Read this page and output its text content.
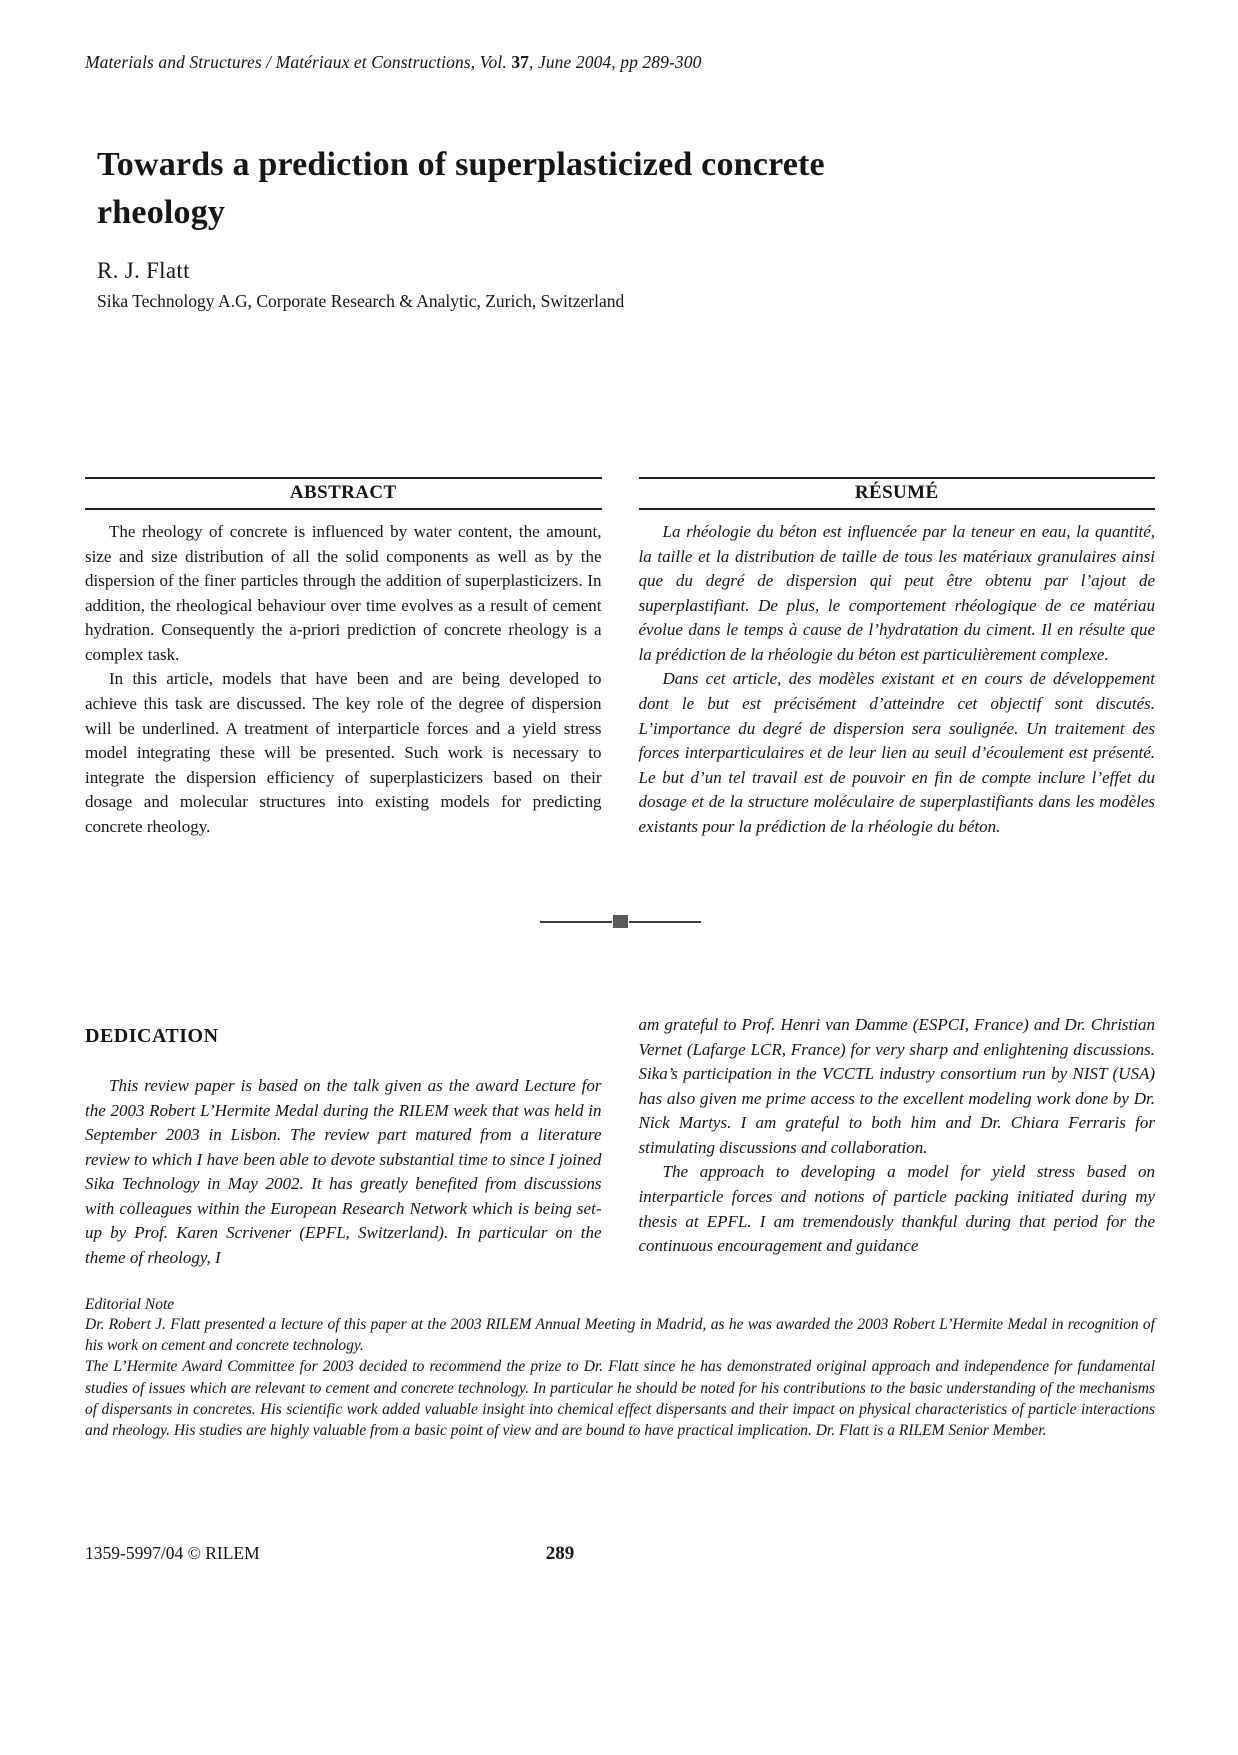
Materials and Structures / Matériaux et Constructions, Vol. 37, June 2004, pp 289-300
Towards a prediction of superplasticized concrete rheology
R. J. Flatt
Sika Technology A.G, Corporate Research & Analytic, Zurich, Switzerland
ABSTRACT

The rheology of concrete is influenced by water content, the amount, size and size distribution of all the solid components as well as by the dispersion of the finer particles through the addition of superplasticizers. In addition, the rheological behaviour over time evolves as a result of cement hydration. Consequently the a-priori prediction of concrete rheology is a complex task.

In this article, models that have been and are being developed to achieve this task are discussed. The key role of the degree of dispersion will be underlined. A treatment of interparticle forces and a yield stress model integrating these will be presented. Such work is necessary to integrate the dispersion efficiency of superplasticizers based on their dosage and molecular structures into existing models for predicting concrete rheology.

RÉSUMÉ

La rhéologie du béton est influencée par la teneur en eau, la quantité, la taille et la distribution de taille de tous les matériaux granulaires ainsi que du degré de dispersion qui peut être obtenu par l’ajout de superplastifiant. De plus, le comportement rhéologique de ce matériau évolue dans le temps à cause de l’hydratation du ciment. Il en résulte que la prédiction de la rhéologie du béton est particulièrement complexe.

Dans cet article, des modèles existant et en cours de développement dont le but est précisément d’atteindre cet objectif sont discutés. L’importance du degré de dispersion sera soulignée. Un traitement des forces interparticulaires et de leur lien au seuil d’écoulement est présenté. Le but d’un tel travail est de pouvoir en fin de compte inclure l’effet du dosage et de la structure moléculaire de superplastifiants dans les modèles existants pour la prédiction de la rhéologie du béton.

DEDICATION

This review paper is based on the talk given as the award Lecture for the 2003 Robert L’Hermite Medal during the RILEM week that was held in September 2003 in Lisbon. The review part matured from a literature review to which I have been able to devote substantial time to since I joined Sika Technology in May 2002. It has greatly benefited from discussions with colleagues within the European Research Network which is being set-up by Prof. Karen Scrivener (EPFL, Switzerland). In particular on the theme of rheology, I

am grateful to Prof. Henri van Damme (ESPCI, France) and Dr. Christian Vernet (Lafarge LCR, France) for very sharp and enlightening discussions. Sika’s participation in the VCCTL industry consortium run by NIST (USA) has also given me prime access to the excellent modeling work done by Dr. Nick Martys. I am grateful to both him and Dr. Chiara Ferraris for stimulating discussions and collaboration.

The approach to developing a model for yield stress based on interparticle forces and notions of particle packing initiated during my thesis at EPFL. I am tremendously thankful during that period for the continuous encouragement and guidance

Editorial Note

Dr. Robert J. Flatt presented a lecture of this paper at the 2003 RILEM Annual Meeting in Madrid, as he was awarded the 2003 Robert L’Hermite Medal in recognition of his work on cement and concrete technology.

The L’Hermite Award Committee for 2003 decided to recommend the prize to Dr. Flatt since he has demonstrated original approach and independence for fundamental studies of issues which are relevant to cement and concrete technology. In particular he should be noted for his contributions to the basic understanding of the mechanisms of dispersants in concretes. His scientific work added valuable insight into chemical effect dispersants and their impact on physical characteristics of particle interactions and rheology. His studies are highly valuable from a basic point of view and are bound to have practical implication. Dr. Flatt is a RILEM Senior Member.

1359-5997/04 © RILEM	289
